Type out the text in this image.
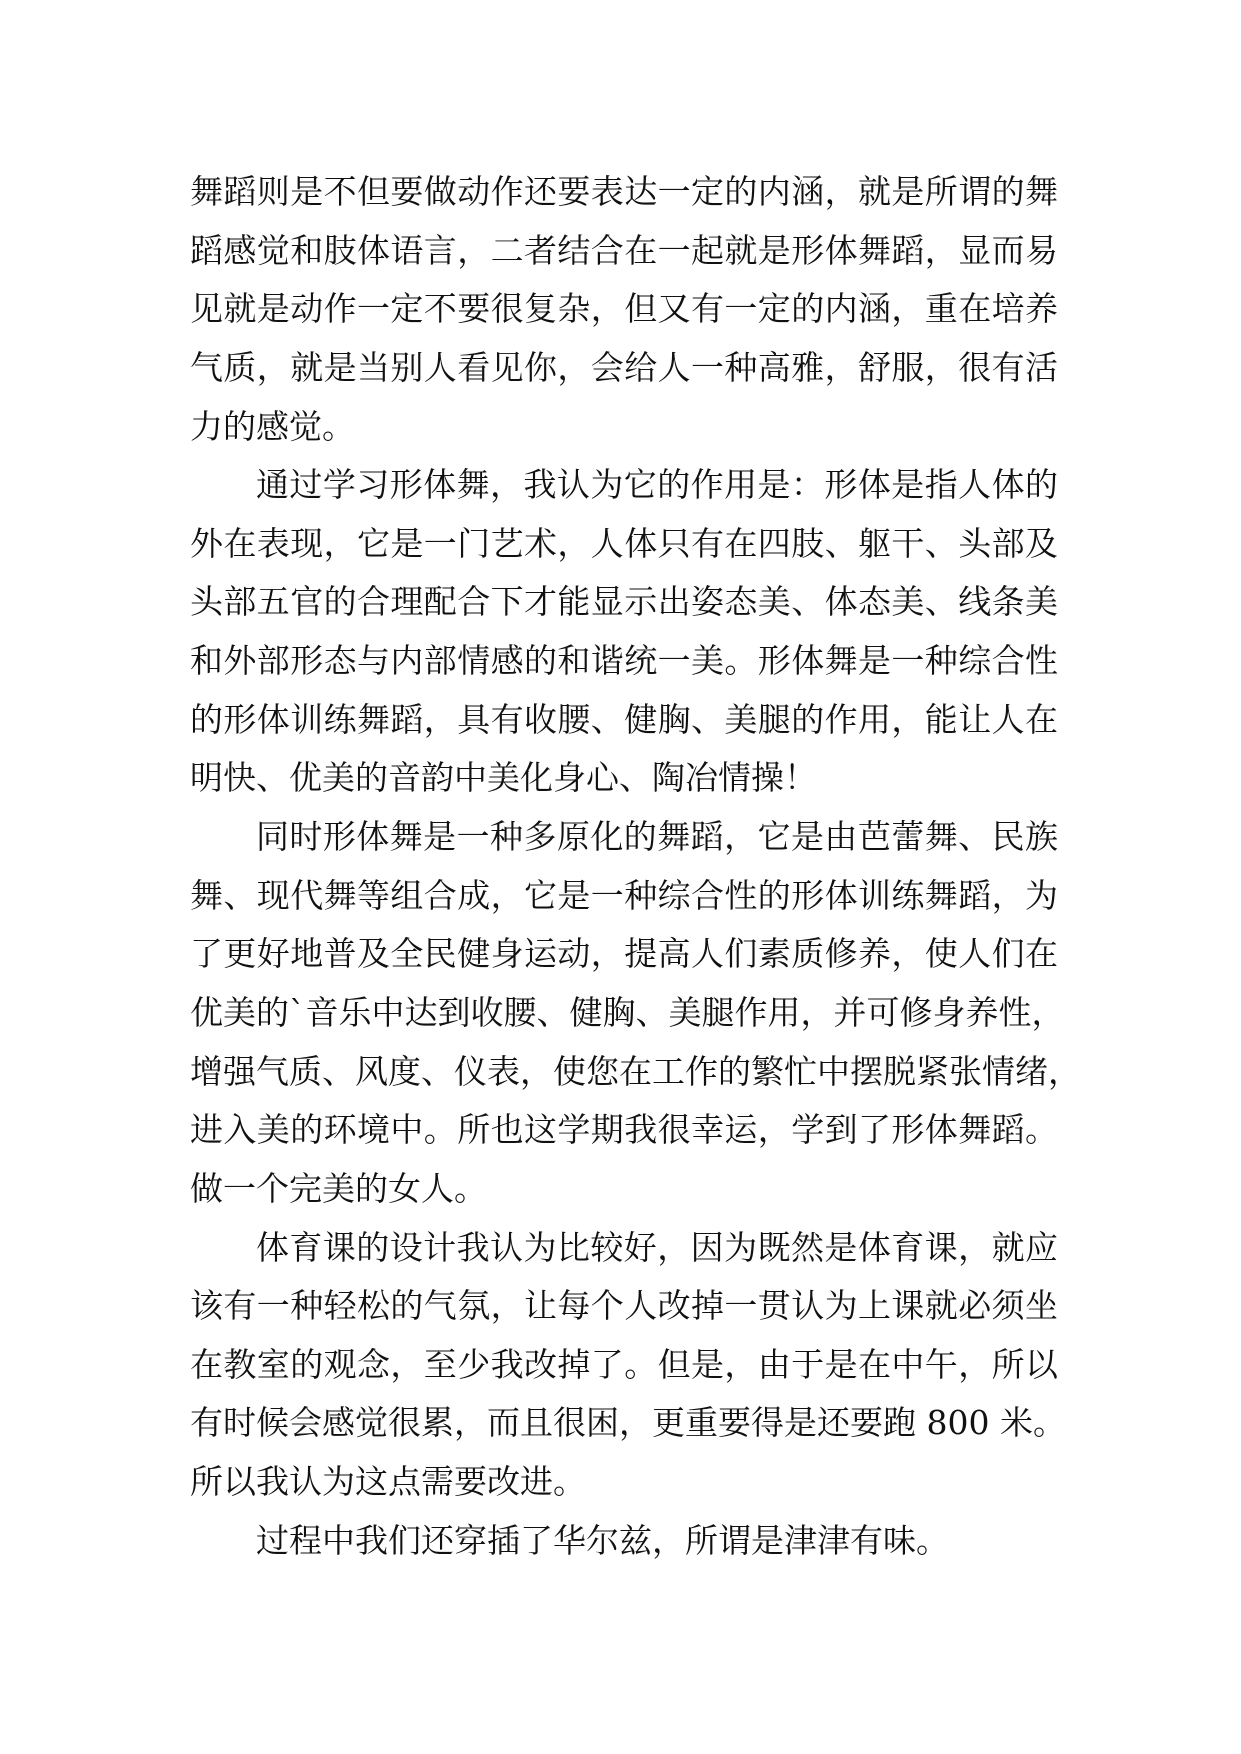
舞蹈则是不但要做动作还要表达一定的内涵，就是所谓的舞
蹈感觉和肢体语言，二者结合在一起就是形体舞蹈，显而易
见就是动作一定不要很复杂，但又有一定的内涵，重在培养
气质，就是当别人看见你，会给人一种高雅，舒服，很有活
力的感觉。
通过学习形体舞，我认为它的作用是：形体是指人体的
外在表现，它是一门艺术，人体只有在四肢、躯干、头部及
头部五官的合理配合下才能显示出姿态美、体态美、线条美
和外部形态与内部情感的和谐统一美。形体舞是一种综合性
的形体训练舞蹈，具有收腰、健胸、美腿的作用，能让人在
明快、优美的音韵中美化身心、陶冶情操！
同时形体舞是一种多原化的舞蹈，它是由芭蕾舞、民族
舞、现代舞等组合成，它是一种综合性的形体训练舞蹈，为
了更好地普及全民健身运动，提高人们素质修养，使人们在
优美的`音乐中达到收腰、健胸、美腿作用，并可修身养性，
增强气质、风度、仪表，使您在工作的繁忙中摆脱紧张情绪，
进入美的环境中。所也这学期我很幸运，学到了形体舞蹈。
做一个完美的女人。
体育课的设计我认为比较好，因为既然是体育课，就应
该有一种轻松的气氛，让每个人改掉一贯认为上课就必须坐
在教室的观念，至少我改掉了。但是，由于是在中午，所以
有时候会感觉很累，而且很困，更重要得是还要跑 800 米。
所以我认为这点需要改进。
过程中我们还穿插了华尔兹，所谓是津津有味。
